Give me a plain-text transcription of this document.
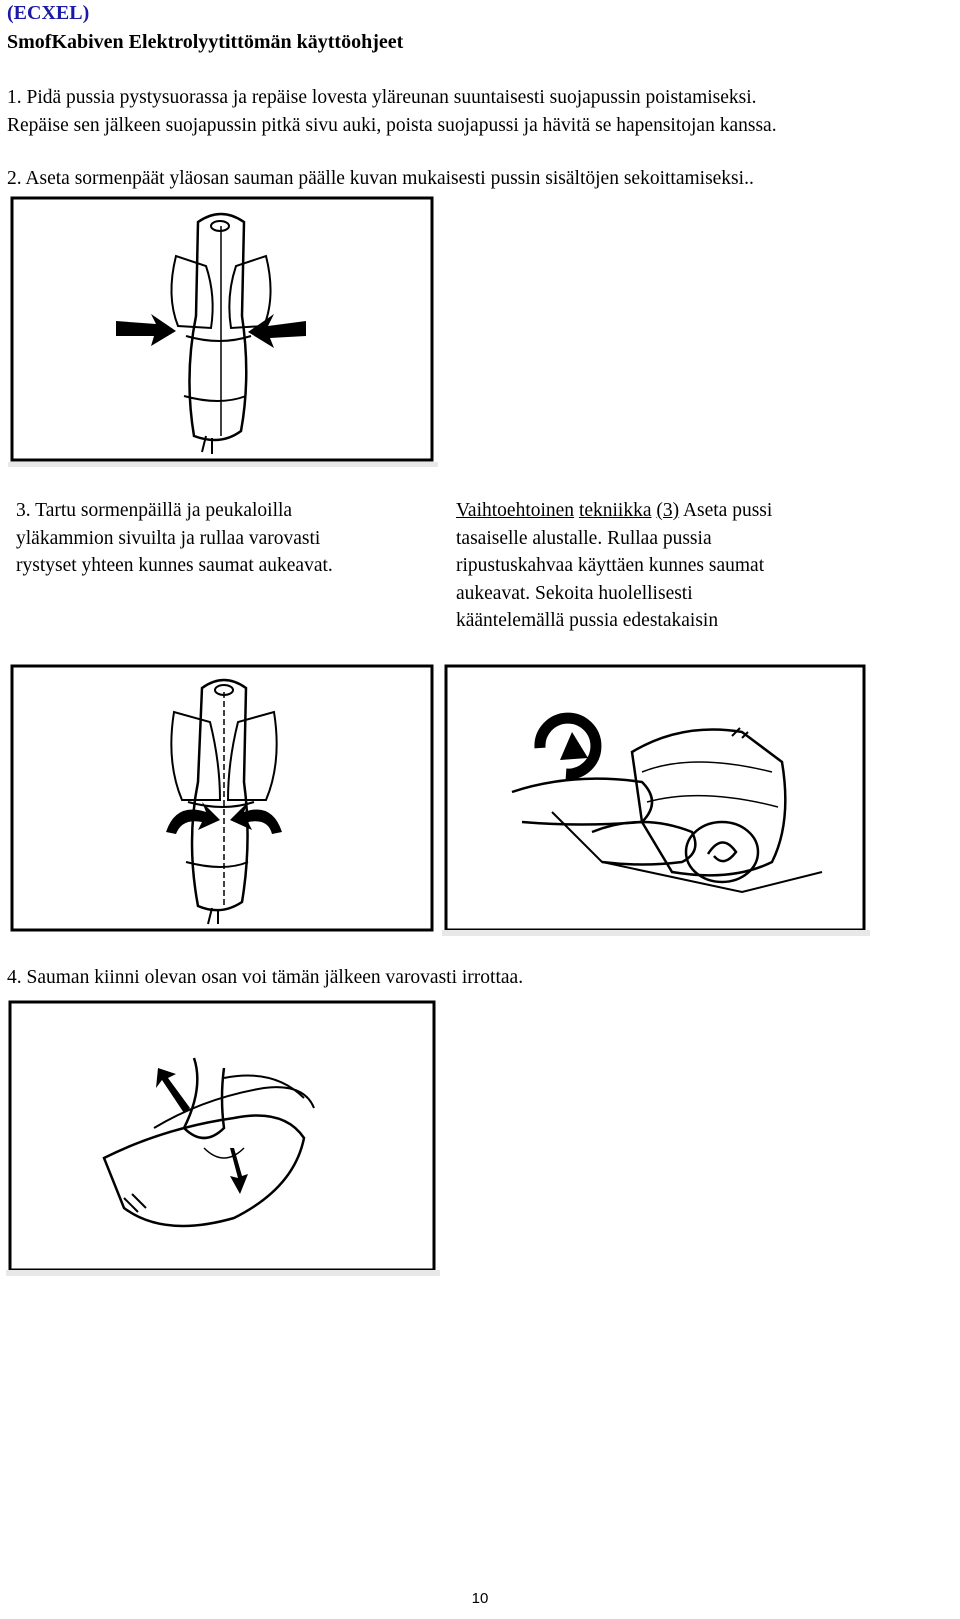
(ECXEL)
SmofKabiven Elektrolyytittömän käyttöohjeet
1. Pidä pussia pystysuorassa ja repäise lovesta yläreunan suuntaisesti suojapussin poistamiseksi.
Repäise sen jälkeen suojapussin pitkä sivu auki, poista suojapussi ja hävitä se hapensitojan kanssa.
2. Aseta sormenpäät yläosan sauman päälle kuvan mukaisesti pussin sisältöjen sekoittamiseksi..
3. Tartu sormenpäillä ja peukaloilla
yläkammion sivuilta ja rullaa varovasti
rystyset yhteen kunnes saumat aukeavat.
Vaihtoehtoinen tekniikka (3) Aseta pussi
tasaiselle alustalle. Rullaa pussia
ripustuskahvaa käyttäen kunnes saumat
aukeavat. Sekoita huolellisesti
kääntelemällä pussia edestakaisin
4. Sauman kiinni olevan osan voi tämän jälkeen varovasti irrottaa.
10
